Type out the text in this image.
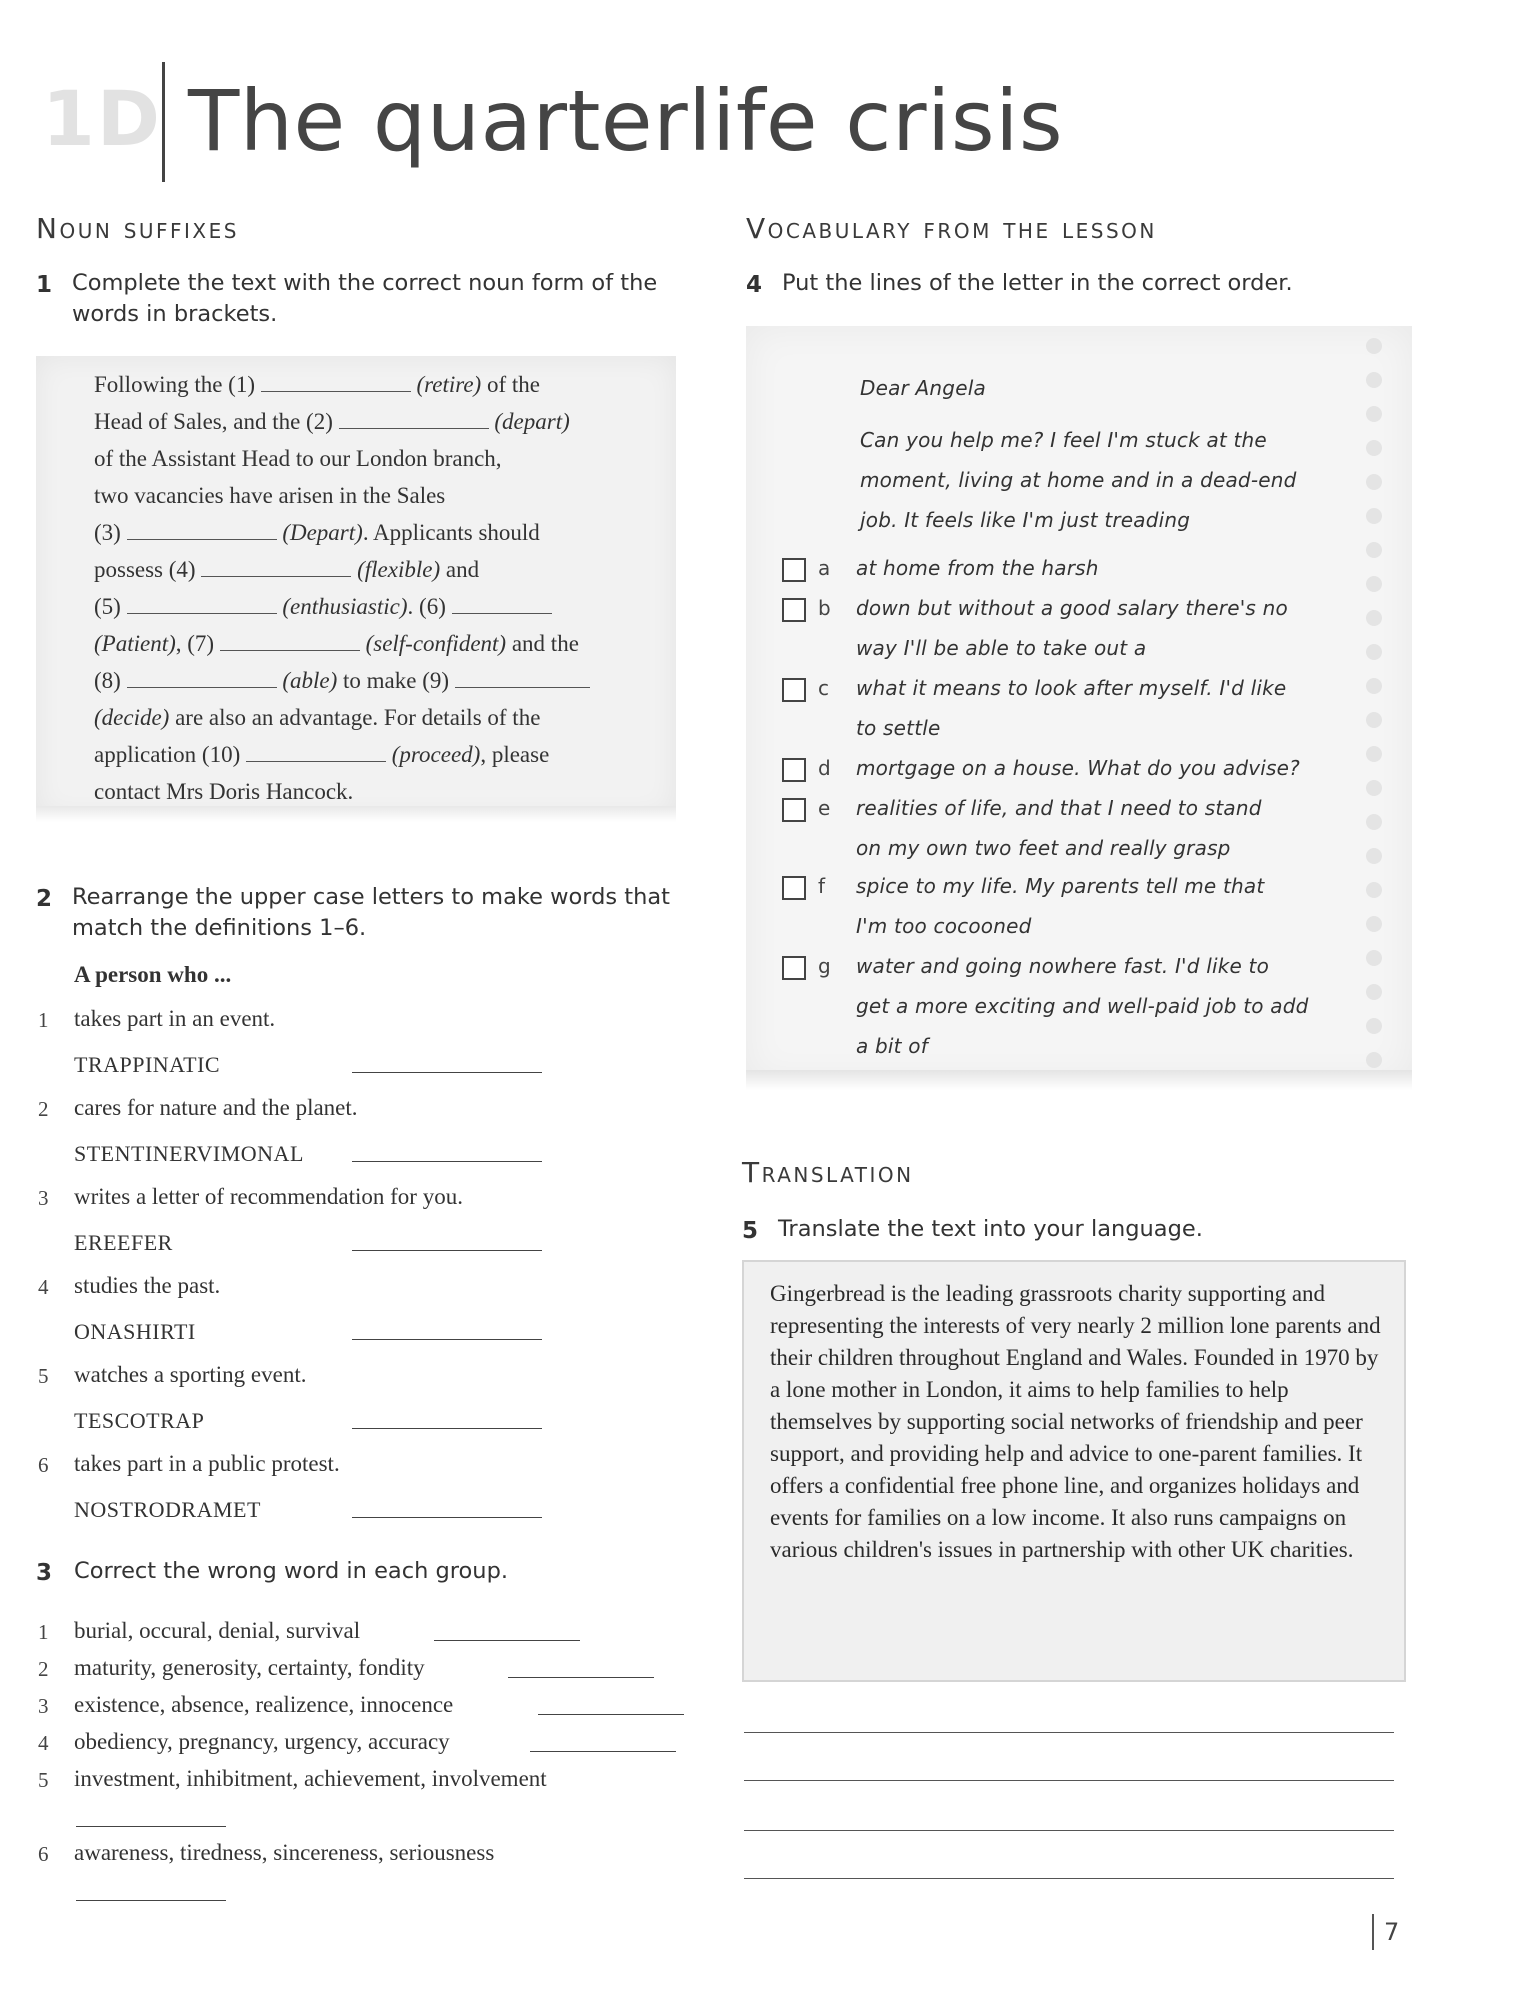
1D The quarterlife crisis
Noun suffixes
1 Complete the text with the correct noun form of the
words in brackets.
Following the (1)	(retire) of the
Head of Sales, and the (2)	(depart)
of the Assistant Head to our London branch,
two vacancies have arisen in the Sales
(3)	(Depart). Applicants should
possess (4)	(flexible) and
(5)	(enthusiastic). (6)
(Patient), (7)	(self-confident) and the
(8)	(able) to make (9)
(decide) are also an advantage. For details of the
application (10)	(proceed), please
contact Mrs Doris Hancock.
2 Rearrange the upper case letters to make words that
match the definitions 1–6.
A person who ...
1 takes part in an event.
TRAPPINATIC
2 cares for nature and the planet.
STENTINERVIMONAL
3 writes a letter of recommendation for you.
EREEFER
4 studies the past.
ONASHIRTI
5 watches a sporting event.
TESCOTRAP
6 takes part in a public protest.
NOSTRODRAMET
3 Correct the wrong word in each group.
1 burial, occural, denial, survival
2 maturity, generosity, certainty, fondity
3 existence, absence, realizence, innocence
4 obediency, pregnancy, urgency, accuracy
5 investment, inhibitment, achievement, involvement
6 awareness, tiredness, sincereness, seriousness
Vocabulary from the lesson
4 Put the lines of the letter in the correct order.
Dear Angela
Can you help me? I feel I'm stuck at the
moment, living at home and in a dead-end
job. It feels like I'm just treading
a at home from the harsh
b down but without a good salary there's no
way I'll be able to take out a
c what it means to look after myself. I'd like
to settle
d mortgage on a house. What do you advise?
e realities of life, and that I need to stand
on my own two feet and really grasp
f spice to my life. My parents tell me that
I'm too cocooned
g water and going nowhere fast. I'd like to
get a more exciting and well-paid job to add
a bit of
Translation
5 Translate the text into your language.
Gingerbread is the leading grassroots charity supporting and representing the interests of very nearly 2 million lone parents and their children throughout England and Wales. Founded in 1970 by a lone mother in London, it aims to help families to help themselves by supporting social networks of friendship and peer support, and providing help and advice to one-parent families. It offers a confidential free phone line, and organizes holidays and events for families on a low income. It also runs campaigns on various children's issues in partnership with other UK charities.
7
